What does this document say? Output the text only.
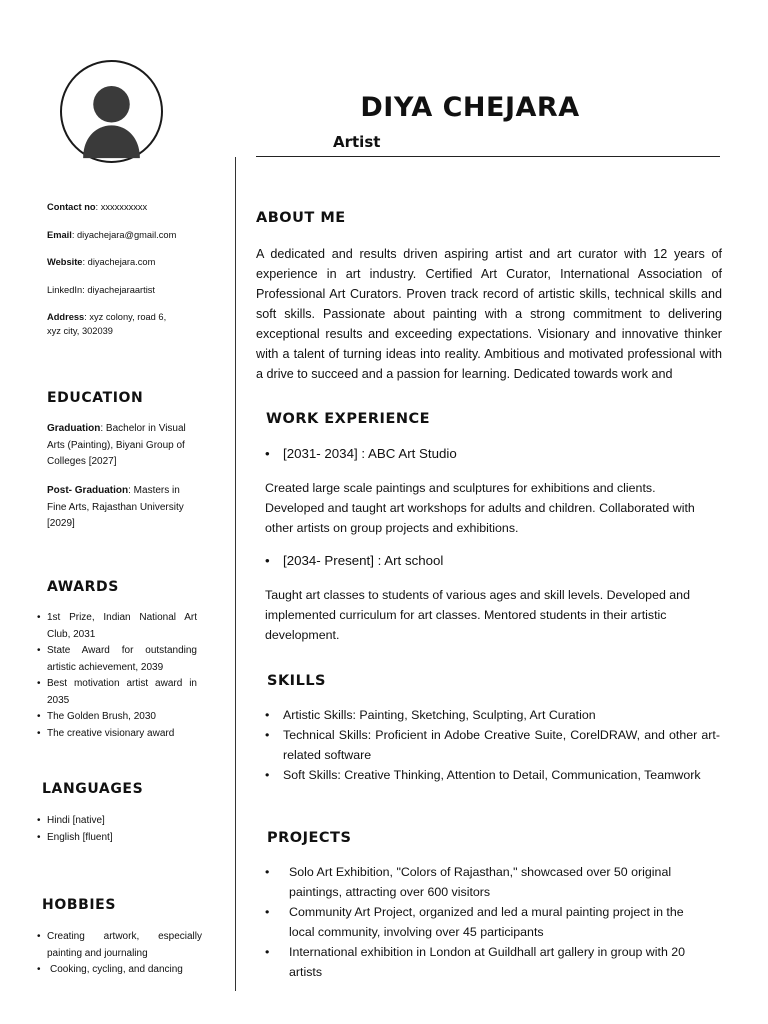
DIYA CHEJARA
Artist
Contact no: xxxxxxxxxx
Email: diyachejara@gmail.com
Website: diyachejara.com
LinkedIn: diyachejaraartist
Address: xyz colony, road 6, xyz city, 302039
EDUCATION
Graduation: Bachelor in Visual Arts (Painting), Biyani Group of Colleges [2027]
Post- Graduation: Masters in Fine Arts, Rajasthan University [2029]
AWARDS
• 1st Prize, Indian National Art Club, 2031
• State Award for outstanding artistic achievement, 2039
• Best motivation artist award in 2035
• The Golden Brush, 2030
• The creative visionary award
LANGUAGES
• Hindi [native]
• English [fluent]
HOBBIES
• Creating artwork, especially painting and journaling
• Cooking, cycling, and dancing
ABOUT ME
A dedicated and results driven aspiring artist and art curator with 12 years of experience in art industry. Certified Art Curator, International Association of Professional Art Curators. Proven track record of artistic skills, technical skills and soft skills. Passionate about painting with a strong commitment to delivering exceptional results and exceeding expectations. Visionary and innovative thinker with a talent of turning ideas into reality. Ambitious and motivated professional with a drive to succeed and a passion for learning. Dedicated towards work and
WORK EXPERIENCE
• [2031- 2034] : ABC Art Studio
Created large scale paintings and sculptures for exhibitions and clients. Developed and taught art workshops for adults and children. Collaborated with other artists on group projects and exhibitions.
• [2034- Present] : Art school
Taught art classes to students of various ages and skill levels. Developed and implemented curriculum for art classes. Mentored students in their artistic development.
SKILLS
• Artistic Skills: Painting, Sketching, Sculpting, Art Curation
• Technical Skills: Proficient in Adobe Creative Suite, CorelDRAW, and other art-related software
• Soft Skills: Creative Thinking, Attention to Detail, Communication, Teamwork
PROJECTS
• Solo Art Exhibition, "Colors of Rajasthan," showcased over 50 original paintings, attracting over 600 visitors
• Community Art Project, organized and led a mural painting project in the local community, involving over 45 participants
• International exhibition in London at Guildhall art gallery in group with 20 artists
